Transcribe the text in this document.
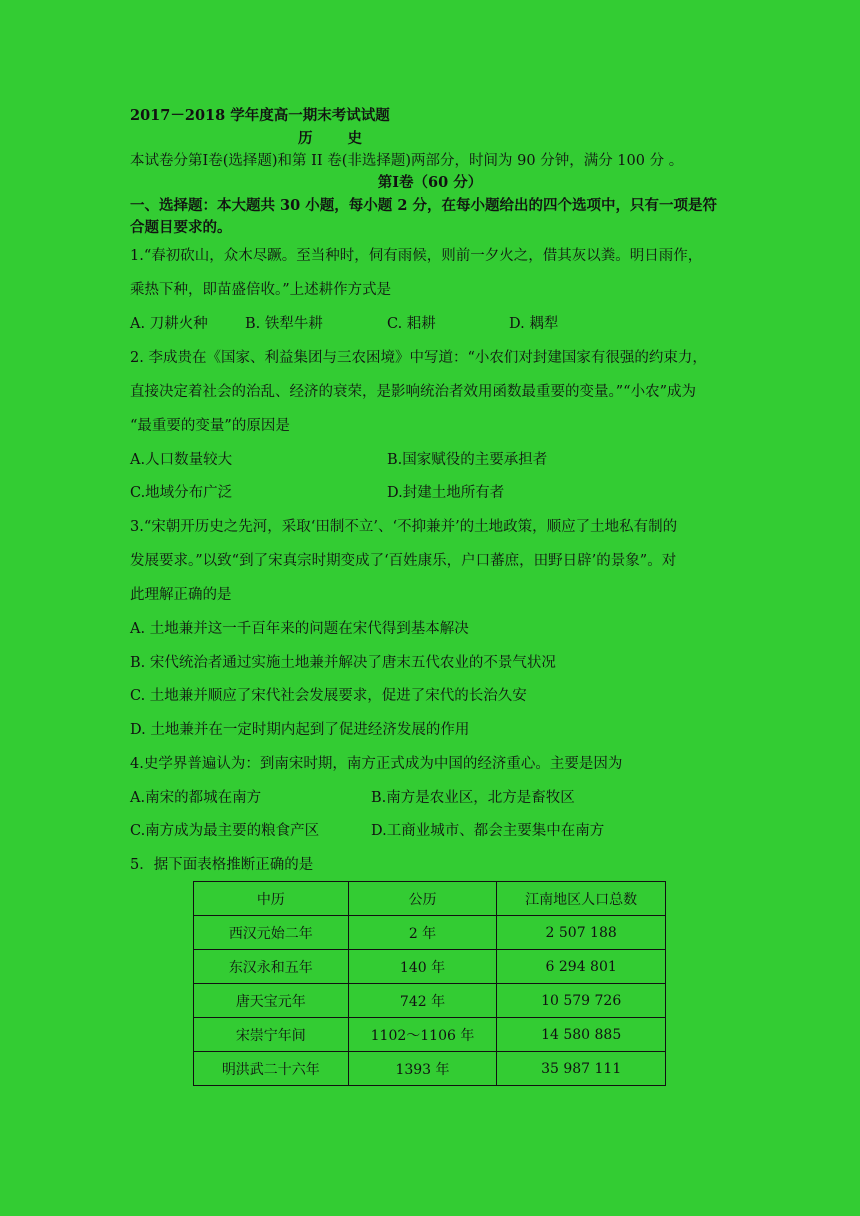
2017－2018 学年度高一期末考试试题
历　　史
本试卷分第Ⅰ卷(选择题)和第 II 卷(非选择题)两部分，时间为 90 分钟，满分 100 分 。
第Ⅰ卷（60 分）
一、选择题：本大题共 30 小题，每小题 2 分，在每小题给出的四个选项中，只有一项是符
合题目要求的。
1.“春初砍山，众木尽蹶。至当种时，伺有雨候，则前一夕火之，借其灰以粪。明日雨作，
乘热下种，即苗盛倍收。”上述耕作方式是
A. 刀耕火种	B. 铁犁牛耕	C. 耜耕	D. 耦犁
2. 李成贵在《国家、利益集团与三农困境》中写道：“小农们对封建国家有很强的约束力，
直接决定着社会的治乱、经济的衰荣，是影响统治者效用函数最重要的变量。”“小农”成为
“最重要的变量”的原因是
A.人口数量较大	B.国家赋役的主要承担者
C.地域分布广泛	D.封建土地所有者
3.“宋朝开历史之先河，采取‘田制不立’、‘不抑兼并’的土地政策，顺应了土地私有制的
发展要求。”以致“到了宋真宗时期变成了‘百姓康乐，户口蕃庶，田野日辟’的景象”。对
此理解正确的是
A. 土地兼并这一千百年来的问题在宋代得到基本解决
B. 宋代统治者通过实施土地兼并解决了唐末五代农业的不景气状况
C. 土地兼并顺应了宋代社会发展要求，促进了宋代的长治久安
D. 土地兼并在一定时期内起到了促进经济发展的作用
4.史学界普遍认为：到南宋时期，南方正式成为中国的经济重心。主要是因为
A.南宋的都城在南方	B.南方是农业区，北方是畜牧区
C.南方成为最主要的粮食产区	D.工商业城市、都会主要集中在南方
5．据下面表格推断正确的是
中历	公历	江南地区人口总数
西汉元始二年	2 年	2 507 188
东汉永和五年	140 年	6 294 801
唐天宝元年	742 年	10 579 726
宋崇宁年间	1102～1106 年	14 580 885
明洪武二十六年	1393 年	35 987 111
